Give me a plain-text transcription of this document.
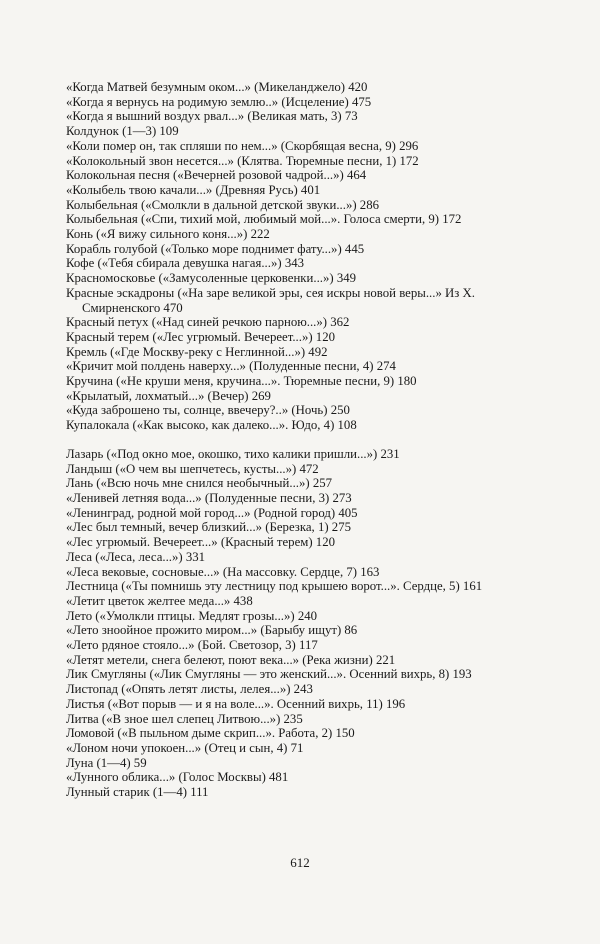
«Когда Матвей безумным оком...» (Микеланджело) 420
«Когда я вернусь на родимую землю..» (Исцеление) 475
«Когда я вышний воздух рвал...» (Великая мать, 3) 73
Колдунок (1—3) 109
«Коли помер он, так спляши по нем...» (Скорбящая весна, 9) 296
«Колокольный звон несется...» (Клятва. Тюремные песни, 1) 172
Колокольная песня («Вечерней розовой чадрой...») 464
«Колыбель твою качали...» (Древняя Русь) 401
Колыбельная («Смолкли в дальной детской звуки...») 286
Колыбельная («Спи, тихий мой, любимый мой...». Голоса смерти, 9) 172
Конь («Я вижу сильного коня...») 222
Корабль голубой («Только море поднимет фату...») 445
Кофе («Тебя сбирала девушка нагая...») 343
Красномосковье («Замусоленные церковенки...») 349
Красные эскадроны («На заре великой эры, сея искры новой веры...» Из Х. Смирненского 470
Красный петух («Над синей речкою парною...») 362
Красный терем («Лес угрюмый. Вечереет...») 120
Кремль («Где Москву-реку с Неглинной...») 492
«Кричит мой полдень наверху...» (Полуденные песни, 4) 274
Кручина («Не круши меня, кручина...». Тюремные песни, 9) 180
«Крылатый, лохматый...» (Вечер) 269
«Куда заброшено ты, солнце, ввечеру?..» (Ночь) 250
Купалокала («Как высоко, как далеко...». Юдо, 4) 108
Лазарь («Под окно мое, окошко, тихо калики пришли...») 231
Ландыш («О чем вы шепчетесь, кусты...») 472
Лань («Всю ночь мне снился необычный...») 257
«Ленивей летняя вода...» (Полуденные песни, 3) 273
«Ленинград, родной мой город...» (Родной город) 405
«Лес был темный, вечер близкий...» (Березка, 1) 275
«Лес угрюмый. Вечереет...» (Красный терем) 120
Леса («Леса, леса...») 331
«Леса вековые, сосновые...» (На массовку. Сердце, 7) 163
Лестница («Ты помнишь эту лестницу под крышею ворот...». Сердце, 5) 161
«Летит цветок желтее меда...» 438
Лето («Умолкли птицы. Медлят грозы...») 240
«Лето зноойное прожито миром...» (Барыбу ищут) 86
«Лето рдяное стояло...» (Бой. Светозор, 3) 117
«Летят метели, снега белеют, поют века...» (Река жизни) 221
Лик Смугляны («Лик Смугляны — это женский...». Осенний вихрь, 8) 193
Листопад («Опять летят листы, лелея...») 243
Листья («Вот порыв — и я на воле...». Осенний вихрь, 11) 196
Литва («В зное шел слепец Литвою...») 235
Ломовой («В пыльном дыме скрип...». Работа, 2) 150
«Лоном ночи упокоен...» (Отец и сын, 4) 71
Луна (1—4) 59
«Лунного облика...» (Голос Москвы) 481
Лунный старик (1—4) 111
612
